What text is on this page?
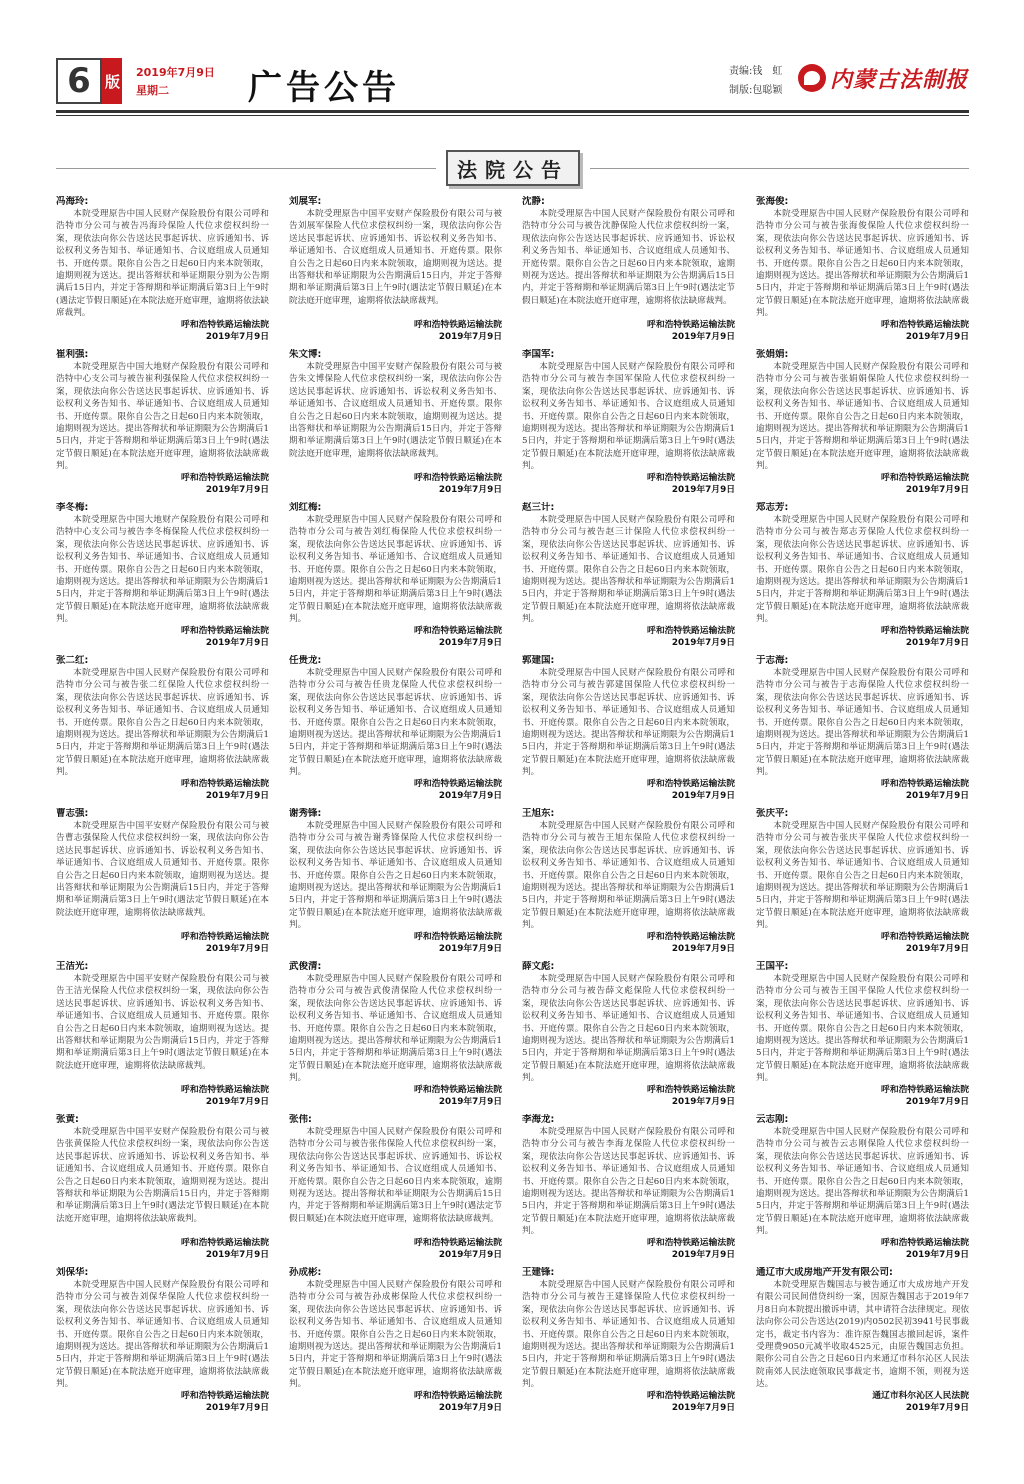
6 版
2019年7月9日
星期二	广告公告	责编:钱　虹
制版:包聪颖 内蒙古法制报
法院公告
冯海玲:
本院受理原告中国人民财产保险股份有限公司呼和浩特市分公司与被告冯海玲保险人代位求偿权纠纷一案，现依法向你公告送达民事起诉状、应诉通知书、诉讼权利义务告知书、举证通知书、合议庭组成人员通知书、开庭传票。限你自公告之日起60日内来本院领取，逾期则视为送达。提出答辩状和举证期限分别为公告期满后15日内，并定于答辩期和举证期满后第3日上午9时(遇法定节假日顺延)在本院法庭开庭审理，逾期将依法缺席裁判。
呼和浩特铁路运输法院
2019年7月9日
崔利强:
本院受理原告中国大地财产保险股份有限公司呼和浩特中心支公司与被告崔利强保险人代位求偿权纠纷一案，现依法向你公告送达民事起诉状、应诉通知书、诉讼权利义务告知书、举证通知书、合议庭组成人员通知书、开庭传票。限你自公告之日起60日内来本院领取，逾期则视为送达。提出答辩状和举证期限为公告期满后15日内，并定于答辩期和举证期满后第3日上午9时(遇法定节假日顺延)在本院法庭开庭审理，逾期将依法缺席裁判。
呼和浩特铁路运输法院
2019年7月9日
李冬梅:
本院受理原告中国大地财产保险股份有限公司呼和浩特中心支公司与被告李冬梅保险人代位求偿权纠纷一案，现依法向你公告送达民事起诉状、应诉通知书、诉讼权利义务告知书、举证通知书、合议庭组成人员通知书、开庭传票。限你自公告之日起60日内来本院领取，逾期则视为送达。提出答辩状和举证期限为公告期满后15日内，并定于答辩期和举证期满后第3日上午9时(遇法定节假日顺延)在本院法庭开庭审理，逾期将依法缺席裁判。
呼和浩特铁路运输法院
2019年7月9日
张二红:
本院受理原告中国人民财产保险股份有限公司呼和浩特市分公司与被告张二红保险人代位求偿权纠纷一案，现依法向你公告送达民事起诉状、应诉通知书、诉讼权利义务告知书、举证通知书、合议庭组成人员通知书、开庭传票。限你自公告之日起60日内来本院领取，逾期则视为送达。提出答辩状和举证期限为公告期满后15日内，并定于答辩期和举证期满后第3日上午9时(遇法定节假日顺延)在本院法庭开庭审理，逾期将依法缺席裁判。
呼和浩特铁路运输法院
2019年7月9日
曹志强:
本院受理原告中国平安财产保险股份有限公司与被告曹志强保险人代位求偿权纠纷一案，现依法向你公告送达民事起诉状、应诉通知书、诉讼权利义务告知书、举证通知书、合议庭组成人员通知书、开庭传票。限你自公告之日起60日内来本院领取，逾期则视为送达。提出答辩状和举证期限为公告期满后15日内，并定于答辩期和举证期满后第3日上午9时(遇法定节假日顺延)在本院法庭开庭审理，逾期将依法缺席裁判。
呼和浩特铁路运输法院
2019年7月9日
王洁光:
本院受理原告中国平安财产保险股份有限公司与被告王洁光保险人代位求偿权纠纷一案，现依法向你公告送达民事起诉状、应诉通知书、诉讼权利义务告知书、举证通知书、合议庭组成人员通知书、开庭传票。限你自公告之日起60日内来本院领取，逾期则视为送达。提出答辩状和举证期限为公告期满后15日内，并定于答辩期和举证期满后第3日上午9时(遇法定节假日顺延)在本院法庭开庭审理，逾期将依法缺席裁判。
呼和浩特铁路运输法院
2019年7月9日
张黄:
本院受理原告中国平安财产保险股份有限公司与被告张黄保险人代位求偿权纠纷一案，现依法向你公告送达民事起诉状、应诉通知书、诉讼权利义务告知书、举证通知书、合议庭组成人员通知书、开庭传票。限你自公告之日起60日内来本院领取，逾期则视为送达。提出答辩状和举证期限为公告期满后15日内，并定于答辩期和举证期满后第3日上午9时(遇法定节假日顺延)在本院法庭开庭审理，逾期将依法缺席裁判。
呼和浩特铁路运输法院
2019年7月9日
刘保华:
本院受理原告中国人民财产保险股份有限公司呼和浩特市分公司与被告刘保华保险人代位求偿权纠纷一案，现依法向你公告送达民事起诉状、应诉通知书、诉讼权利义务告知书、举证通知书、合议庭组成人员通知书、开庭传票。限你自公告之日起60日内来本院领取，逾期则视为送达。提出答辩状和举证期限为公告期满后15日内，并定于答辩期和举证期满后第3日上午9时(遇法定节假日顺延)在本院法庭开庭审理，逾期将依法缺席裁判。
呼和浩特铁路运输法院
2019年7月9日
刘展军:
本院受理原告中国平安财产保险股份有限公司与被告刘展军保险人代位求偿权纠纷一案，现依法向你公告送达民事起诉状、应诉通知书、诉讼权利义务告知书、举证通知书、合议庭组成人员通知书、开庭传票。限你自公告之日起60日内来本院领取，逾期则视为送达。提出答辩状和举证期限为公告期满后15日内，并定于答辩期和举证期满后第3日上午9时(遇法定节假日顺延)在本院法庭开庭审理，逾期将依法缺席裁判。
呼和浩特铁路运输法院
2019年7月9日
朱文博:
本院受理原告中国平安财产保险股份有限公司与被告朱文博保险人代位求偿权纠纷一案，现依法向你公告送达民事起诉状、应诉通知书、诉讼权利义务告知书、举证通知书、合议庭组成人员通知书、开庭传票。限你自公告之日起60日内来本院领取，逾期则视为送达。提出答辩状和举证期限为公告期满后15日内，并定于答辩期和举证期满后第3日上午9时(遇法定节假日顺延)在本院法庭开庭审理，逾期将依法缺席裁判。
呼和浩特铁路运输法院
2019年7月9日
刘红梅:
本院受理原告中国人民财产保险股份有限公司呼和浩特市分公司与被告刘红梅保险人代位求偿权纠纷一案，现依法向你公告送达民事起诉状、应诉通知书、诉讼权利义务告知书、举证通知书、合议庭组成人员通知书、开庭传票。限你自公告之日起60日内来本院领取，逾期则视为送达。提出答辩状和举证期限为公告期满后15日内，并定于答辩期和举证期满后第3日上午9时(遇法定节假日顺延)在本院法庭开庭审理，逾期将依法缺席裁判。
呼和浩特铁路运输法院
2019年7月9日
任贵龙:
本院受理原告中国人民财产保险股份有限公司呼和浩特市分公司与被告任贵龙保险人代位求偿权纠纷一案，现依法向你公告送达民事起诉状、应诉通知书、诉讼权利义务告知书、举证通知书、合议庭组成人员通知书、开庭传票。限你自公告之日起60日内来本院领取，逾期则视为送达。提出答辩状和举证期限为公告期满后15日内，并定于答辩期和举证期满后第3日上午9时(遇法定节假日顺延)在本院法庭开庭审理，逾期将依法缺席裁判。
呼和浩特铁路运输法院
2019年7月9日
谢秀锋:
本院受理原告中国人民财产保险股份有限公司呼和浩特市分公司与被告谢秀锋保险人代位求偿权纠纷一案，现依法向你公告送达民事起诉状、应诉通知书、诉讼权利义务告知书、举证通知书、合议庭组成人员通知书、开庭传票。限你自公告之日起60日内来本院领取，逾期则视为送达。提出答辩状和举证期限为公告期满后15日内，并定于答辩期和举证期满后第3日上午9时(遇法定节假日顺延)在本院法庭开庭审理，逾期将依法缺席裁判。
呼和浩特铁路运输法院
2019年7月9日
武俊清:
本院受理原告中国人民财产保险股份有限公司呼和浩特市分公司与被告武俊清保险人代位求偿权纠纷一案，现依法向你公告送达民事起诉状、应诉通知书、诉讼权利义务告知书、举证通知书、合议庭组成人员通知书、开庭传票。限你自公告之日起60日内来本院领取，逾期则视为送达。提出答辩状和举证期限为公告期满后15日内，并定于答辩期和举证期满后第3日上午9时(遇法定节假日顺延)在本院法庭开庭审理，逾期将依法缺席裁判。
呼和浩特铁路运输法院
2019年7月9日
张伟:
本院受理原告中国人民财产保险股份有限公司呼和浩特市分公司与被告张伟保险人代位求偿权纠纷一案，现依法向你公告送达民事起诉状、应诉通知书、诉讼权利义务告知书、举证通知书、合议庭组成人员通知书、开庭传票。限你自公告之日起60日内来本院领取，逾期则视为送达。提出答辩状和举证期限为公告期满后15日内，并定于答辩期和举证期满后第3日上午9时(遇法定节假日顺延)在本院法庭开庭审理，逾期将依法缺席裁判。
呼和浩特铁路运输法院
2019年7月9日
孙成彬:
本院受理原告中国人民财产保险股份有限公司呼和浩特市分公司与被告孙成彬保险人代位求偿权纠纷一案，现依法向你公告送达民事起诉状、应诉通知书、诉讼权利义务告知书、举证通知书、合议庭组成人员通知书、开庭传票。限你自公告之日起60日内来本院领取，逾期则视为送达。提出答辩状和举证期限为公告期满后15日内，并定于答辩期和举证期满后第3日上午9时(遇法定节假日顺延)在本院法庭开庭审理，逾期将依法缺席裁判。
呼和浩特铁路运输法院
2019年7月9日
沈静:
本院受理原告中国人民财产保险股份有限公司呼和浩特市分公司与被告沈静保险人代位求偿权纠纷一案，现依法向你公告送达民事起诉状、应诉通知书、诉讼权利义务告知书、举证通知书、合议庭组成人员通知书、开庭传票。限你自公告之日起60日内来本院领取，逾期则视为送达。提出答辩状和举证期限为公告期满后15日内，并定于答辩期和举证期满后第3日上午9时(遇法定节假日顺延)在本院法庭开庭审理，逾期将依法缺席裁判。
呼和浩特铁路运输法院
2019年7月9日
李国军:
本院受理原告中国人民财产保险股份有限公司呼和浩特市分公司与被告李国军保险人代位求偿权纠纷一案，现依法向你公告送达民事起诉状、应诉通知书、诉讼权利义务告知书、举证通知书、合议庭组成人员通知书、开庭传票。限你自公告之日起60日内来本院领取，逾期则视为送达。提出答辩状和举证期限为公告期满后15日内，并定于答辩期和举证期满后第3日上午9时(遇法定节假日顺延)在本院法庭开庭审理，逾期将依法缺席裁判。
呼和浩特铁路运输法院
2019年7月9日
赵三计:
本院受理原告中国人民财产保险股份有限公司呼和浩特市分公司与被告赵三计保险人代位求偿权纠纷一案，现依法向你公告送达民事起诉状、应诉通知书、诉讼权利义务告知书、举证通知书、合议庭组成人员通知书、开庭传票。限你自公告之日起60日内来本院领取，逾期则视为送达。提出答辩状和举证期限为公告期满后15日内，并定于答辩期和举证期满后第3日上午9时(遇法定节假日顺延)在本院法庭开庭审理，逾期将依法缺席裁判。
呼和浩特铁路运输法院
2019年7月9日
郭建国:
本院受理原告中国人民财产保险股份有限公司呼和浩特市分公司与被告郭建国保险人代位求偿权纠纷一案，现依法向你公告送达民事起诉状、应诉通知书、诉讼权利义务告知书、举证通知书、合议庭组成人员通知书、开庭传票。限你自公告之日起60日内来本院领取，逾期则视为送达。提出答辩状和举证期限为公告期满后15日内，并定于答辩期和举证期满后第3日上午9时(遇法定节假日顺延)在本院法庭开庭审理，逾期将依法缺席裁判。
呼和浩特铁路运输法院
2019年7月9日
王旭东:
本院受理原告中国人民财产保险股份有限公司呼和浩特市分公司与被告王旭东保险人代位求偿权纠纷一案，现依法向你公告送达民事起诉状、应诉通知书、诉讼权利义务告知书、举证通知书、合议庭组成人员通知书、开庭传票。限你自公告之日起60日内来本院领取，逾期则视为送达。提出答辩状和举证期限为公告期满后15日内，并定于答辩期和举证期满后第3日上午9时(遇法定节假日顺延)在本院法庭开庭审理，逾期将依法缺席裁判。
呼和浩特铁路运输法院
2019年7月9日
薛文彪:
本院受理原告中国人民财产保险股份有限公司呼和浩特市分公司与被告薛文彪保险人代位求偿权纠纷一案，现依法向你公告送达民事起诉状、应诉通知书、诉讼权利义务告知书、举证通知书、合议庭组成人员通知书、开庭传票。限你自公告之日起60日内来本院领取，逾期则视为送达。提出答辩状和举证期限为公告期满后15日内，并定于答辩期和举证期满后第3日上午9时(遇法定节假日顺延)在本院法庭开庭审理，逾期将依法缺席裁判。
呼和浩特铁路运输法院
2019年7月9日
李海龙:
本院受理原告中国人民财产保险股份有限公司呼和浩特市分公司与被告李海龙保险人代位求偿权纠纷一案，现依法向你公告送达民事起诉状、应诉通知书、诉讼权利义务告知书、举证通知书、合议庭组成人员通知书、开庭传票。限你自公告之日起60日内来本院领取，逾期则视为送达。提出答辩状和举证期限为公告期满后15日内，并定于答辩期和举证期满后第3日上午9时(遇法定节假日顺延)在本院法庭开庭审理，逾期将依法缺席裁判。
呼和浩特铁路运输法院
2019年7月9日
王建锋:
本院受理原告中国人民财产保险股份有限公司呼和浩特市分公司与被告王建锋保险人代位求偿权纠纷一案，现依法向你公告送达民事起诉状、应诉通知书、诉讼权利义务告知书、举证通知书、合议庭组成人员通知书、开庭传票。限你自公告之日起60日内来本院领取，逾期则视为送达。提出答辩状和举证期限为公告期满后15日内，并定于答辩期和举证期满后第3日上午9时(遇法定节假日顺延)在本院法庭开庭审理，逾期将依法缺席裁判。
呼和浩特铁路运输法院
2019年7月9日
张海俊:
本院受理原告中国人民财产保险股份有限公司呼和浩特市分公司与被告张海俊保险人代位求偿权纠纷一案，现依法向你公告送达民事起诉状、应诉通知书、诉讼权利义务告知书、举证通知书、合议庭组成人员通知书、开庭传票。限你自公告之日起60日内来本院领取，逾期则视为送达。提出答辩状和举证期限为公告期满后15日内，并定于答辩期和举证期满后第3日上午9时(遇法定节假日顺延)在本院法庭开庭审理，逾期将依法缺席裁判。
呼和浩特铁路运输法院
2019年7月9日
张娟娟:
本院受理原告中国人民财产保险股份有限公司呼和浩特市分公司与被告张娟娟保险人代位求偿权纠纷一案，现依法向你公告送达民事起诉状、应诉通知书、诉讼权利义务告知书、举证通知书、合议庭组成人员通知书、开庭传票。限你自公告之日起60日内来本院领取，逾期则视为送达。提出答辩状和举证期限为公告期满后15日内，并定于答辩期和举证期满后第3日上午9时(遇法定节假日顺延)在本院法庭开庭审理，逾期将依法缺席裁判。
呼和浩特铁路运输法院
2019年7月9日
郑志芳:
本院受理原告中国人民财产保险股份有限公司呼和浩特市分公司与被告郑志芳保险人代位求偿权纠纷一案，现依法向你公告送达民事起诉状、应诉通知书、诉讼权利义务告知书、举证通知书、合议庭组成人员通知书、开庭传票。限你自公告之日起60日内来本院领取，逾期则视为送达。提出答辩状和举证期限为公告期满后15日内，并定于答辩期和举证期满后第3日上午9时(遇法定节假日顺延)在本院法庭开庭审理，逾期将依法缺席裁判。
呼和浩特铁路运输法院
2019年7月9日
于志海:
本院受理原告中国人民财产保险股份有限公司呼和浩特市分公司与被告于志海保险人代位求偿权纠纷一案，现依法向你公告送达民事起诉状、应诉通知书、诉讼权利义务告知书、举证通知书、合议庭组成人员通知书、开庭传票。限你自公告之日起60日内来本院领取，逾期则视为送达。提出答辩状和举证期限为公告期满后15日内，并定于答辩期和举证期满后第3日上午9时(遇法定节假日顺延)在本院法庭开庭审理，逾期将依法缺席裁判。
呼和浩特铁路运输法院
2019年7月9日
张庆平:
本院受理原告中国人民财产保险股份有限公司呼和浩特市分公司与被告张庆平保险人代位求偿权纠纷一案，现依法向你公告送达民事起诉状、应诉通知书、诉讼权利义务告知书、举证通知书、合议庭组成人员通知书、开庭传票。限你自公告之日起60日内来本院领取，逾期则视为送达。提出答辩状和举证期限为公告期满后15日内，并定于答辩期和举证期满后第3日上午9时(遇法定节假日顺延)在本院法庭开庭审理，逾期将依法缺席裁判。
呼和浩特铁路运输法院
2019年7月9日
王国平:
本院受理原告中国人民财产保险股份有限公司呼和浩特市分公司与被告王国平保险人代位求偿权纠纷一案，现依法向你公告送达民事起诉状、应诉通知书、诉讼权利义务告知书、举证通知书、合议庭组成人员通知书、开庭传票。限你自公告之日起60日内来本院领取，逾期则视为送达。提出答辩状和举证期限为公告期满后15日内，并定于答辩期和举证期满后第3日上午9时(遇法定节假日顺延)在本院法庭开庭审理，逾期将依法缺席裁判。
呼和浩特铁路运输法院
2019年7月9日
云志刚:
本院受理原告中国人民财产保险股份有限公司呼和浩特市分公司与被告云志刚保险人代位求偿权纠纷一案，现依法向你公告送达民事起诉状、应诉通知书、诉讼权利义务告知书、举证通知书、合议庭组成人员通知书、开庭传票。限你自公告之日起60日内来本院领取，逾期则视为送达。提出答辩状和举证期限为公告期满后15日内，并定于答辩期和举证期满后第3日上午9时(遇法定节假日顺延)在本院法庭开庭审理，逾期将依法缺席裁判。
呼和浩特铁路运输法院
2019年7月9日
通辽市大成房地产开发有限公司:
本院受理原告魏国志与被告通辽市大成房地产开发有限公司民间借贷纠纷一案，因原告魏国志于2019年7月8日向本院提出撤诉申请，其申请符合法律规定。现依法向你公司公告送达(2019)内0502民初3941号民事裁定书，裁定书内容为：准许原告魏国志撤回起诉，案件受理费9050元减半收取4525元，由原告魏国志负担。限你公司自公告之日起60日内来通辽市科尔沁区人民法院南郊人民法庭领取民事裁定书，逾期不领，则视为送达。
通辽市科尔沁区人民法院
2019年7月9日
